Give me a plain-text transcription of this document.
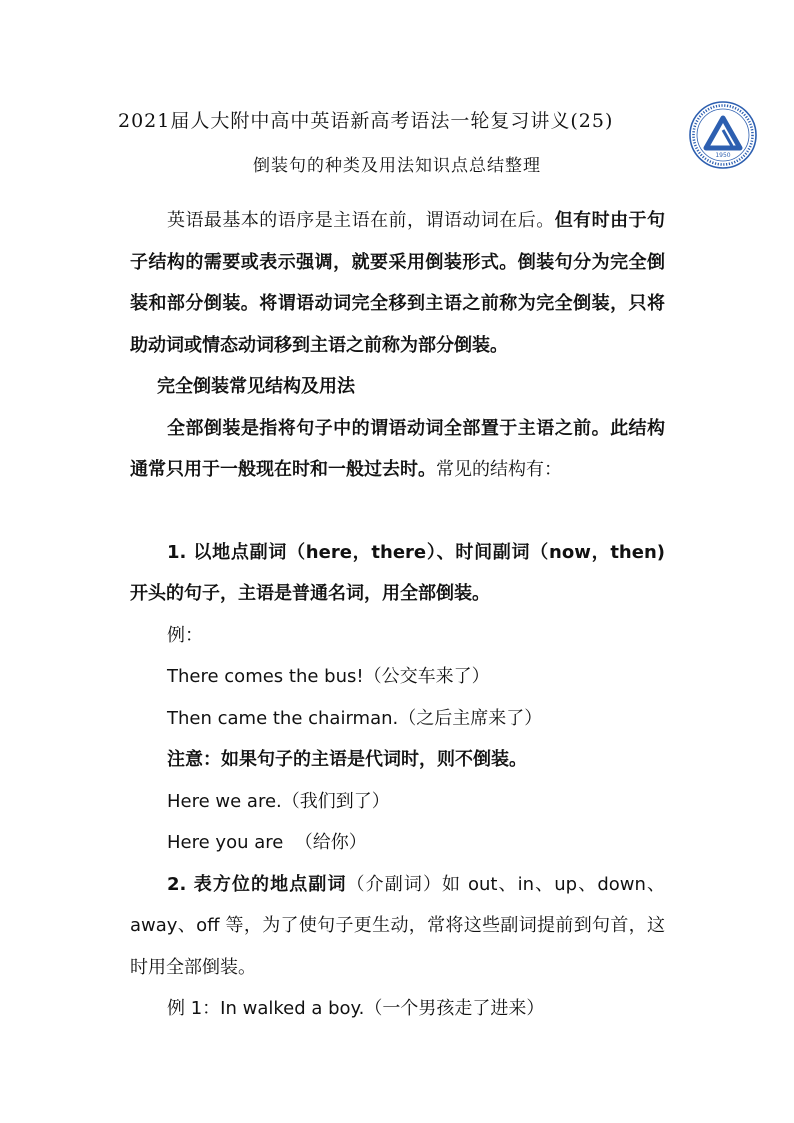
2021届人大附中高中英语新高考语法一轮复习讲义(25)
1950
倒装句的种类及用法知识点总结整理

英语最基本的语序是主语在前，谓语动词在后。但有时由于句子结构的需要或表示强调，就要采用倒装形式。倒装句分为完全倒装和部分倒装。将谓语动词完全移到主语之前称为完全倒装，只将助动词或情态动词移到主语之前称为部分倒装。

完全倒装常见结构及用法

全部倒装是指将句子中的谓语动词全部置于主语之前。此结构通常只用于一般现在时和一般过去时。常见的结构有：

1. 以地点副词（here，there）、时间副词（now，then)开头的句子，主语是普通名词，用全部倒装。

例：

There comes the bus!（公交车来了）

Then came the chairman.（之后主席来了）

注意：如果句子的主语是代词时，则不倒装。

Here we are.（我们到了）

Here you are  （给你）

2. 表方位的地点副词（介副词）如 out、in、up、down、away、off 等，为了使句子更生动，常将这些副词提前到句首，这时用全部倒装。

例 1：In walked a boy.（一个男孩走了进来）
